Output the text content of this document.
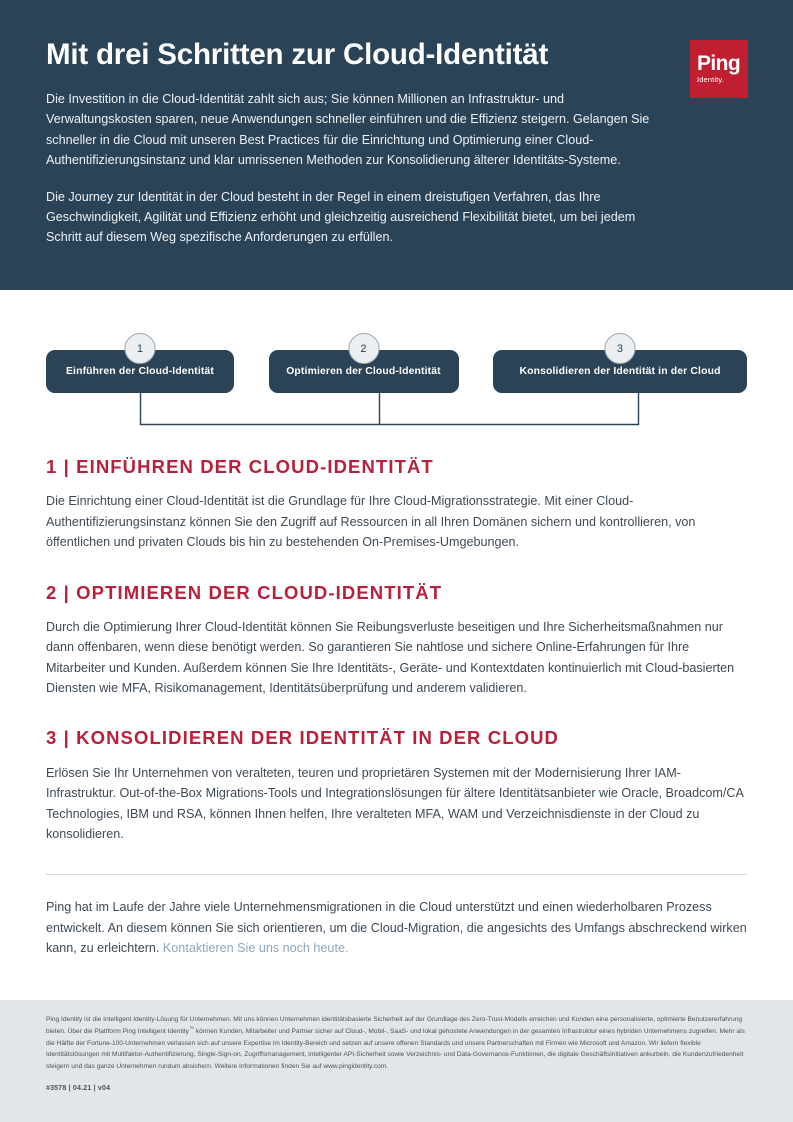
Mit drei Schritten zur Cloud-Identität

Die Investition in die Cloud-Identität zahlt sich aus; Sie können Millionen an Infrastruktur- und Verwaltungskosten sparen, neue Anwendungen schneller einführen und die Effizienz steigern. Gelangen Sie schneller in die Cloud mit unseren Best Practices für die Einrichtung und Optimierung einer Cloud-Authentifizierungsinstanz und klar umrissenen Methoden zur Konsolidierung älterer Identitäts-Systeme.

Die Journey zur Identität in der Cloud besteht in der Regel in einem dreistufigen Verfahren, das Ihre Geschwindigkeit, Agilität und Effizienz erhöht und gleichzeitig ausreichend Flexibilität bietet, um bei jedem Schritt auf diesem Weg spezifische Anforderungen zu erfüllen.

Ping
Identity.
1
Einführen der Cloud-Identität
2
Optimieren der Cloud-Identität
3
Konsolidieren der Identität in der Cloud
1 | EINFÜHREN DER CLOUD-IDENTITÄT

Die Einrichtung einer Cloud-Identität ist die Grundlage für Ihre Cloud-Migrationsstrategie. Mit einer Cloud-Authentifizierungsinstanz können Sie den Zugriff auf Ressourcen in all Ihren Domänen sichern und kontrollieren, von öffentlichen und privaten Clouds bis hin zu bestehenden On-Premises-Umgebungen.

2 | OPTIMIEREN DER CLOUD-IDENTITÄT

Durch die Optimierung Ihrer Cloud-Identität können Sie Reibungsverluste beseitigen und Ihre Sicherheitsmaßnahmen nur dann offenbaren, wenn diese benötigt werden. So garantieren Sie nahtlose und sichere Online-Erfahrungen für Ihre Mitarbeiter und Kunden. Außerdem können Sie Ihre Identitäts-, Geräte- und Kontextdaten kontinuierlich mit Cloud-basierten Diensten wie MFA, Risikomanagement, Identitätsüberprüfung und anderem validieren.

3 | KONSOLIDIEREN DER IDENTITÄT IN DER CLOUD

Erlösen Sie Ihr Unternehmen von veralteten, teuren und proprietären Systemen mit der Modernisierung Ihrer IAM-Infrastruktur. Out-of-the-Box Migrations-Tools und Integrationslösungen für ältere Identitätsanbieter wie Oracle, Broadcom/CA Technologies, IBM und RSA, können Ihnen helfen, Ihre veralteten MFA, WAM und Verzeichnisdienste in der Cloud zu konsolidieren.

Ping hat im Laufe der Jahre viele Unternehmensmigrationen in die Cloud unterstützt und einen wiederholbaren Prozess entwickelt. An diesem können Sie sich orientieren, um die Cloud-Migration, die angesichts des Umfangs abschreckend wirken kann, zu erleichtern. Kontaktieren Sie uns noch heute.

Ping Identity ist die Intelligent Identity-Lösung für Unternehmen. Mit uns können Unternehmen identitätsbasierte Sicherheit auf der Grundlage des Zero-Trust-Modells erreichen und Kunden eine personalisierte, optimierte Benutzererfahrung bieten. Über die Plattform Ping Intelligent Identity™ können Kunden, Mitarbeiter und Partner sicher auf Cloud-, Mobil-, SaaS- und lokal gehostete Anwendungen in der gesamten Infrastruktur eines hybriden Unternehmens zugreifen. Mehr als die Hälfte der Fortune-100-Unternehmen verlassen sich auf unsere Expertise im Identity-Bereich und setzen auf unsere offenen Standards und unsere Partnerschaften mit Firmen wie Microsoft und Amazon. Wir liefern flexible Identitätslösungen mit Multifaktor-Authentifizierung, Single-Sign-on, Zugriffsmanagement, intelligenter API-Sicherheit sowie Verzeichnis- und Data-Governance-Funktionen, die digitale Geschäftsinitiativen ankurbeln, die Kundenzufriedenheit steigern und das ganze Unternehmen rundum absichern. Weitere Informationen finden Sie auf www.pingidentity.com.

#3578 | 04.21 | v04
